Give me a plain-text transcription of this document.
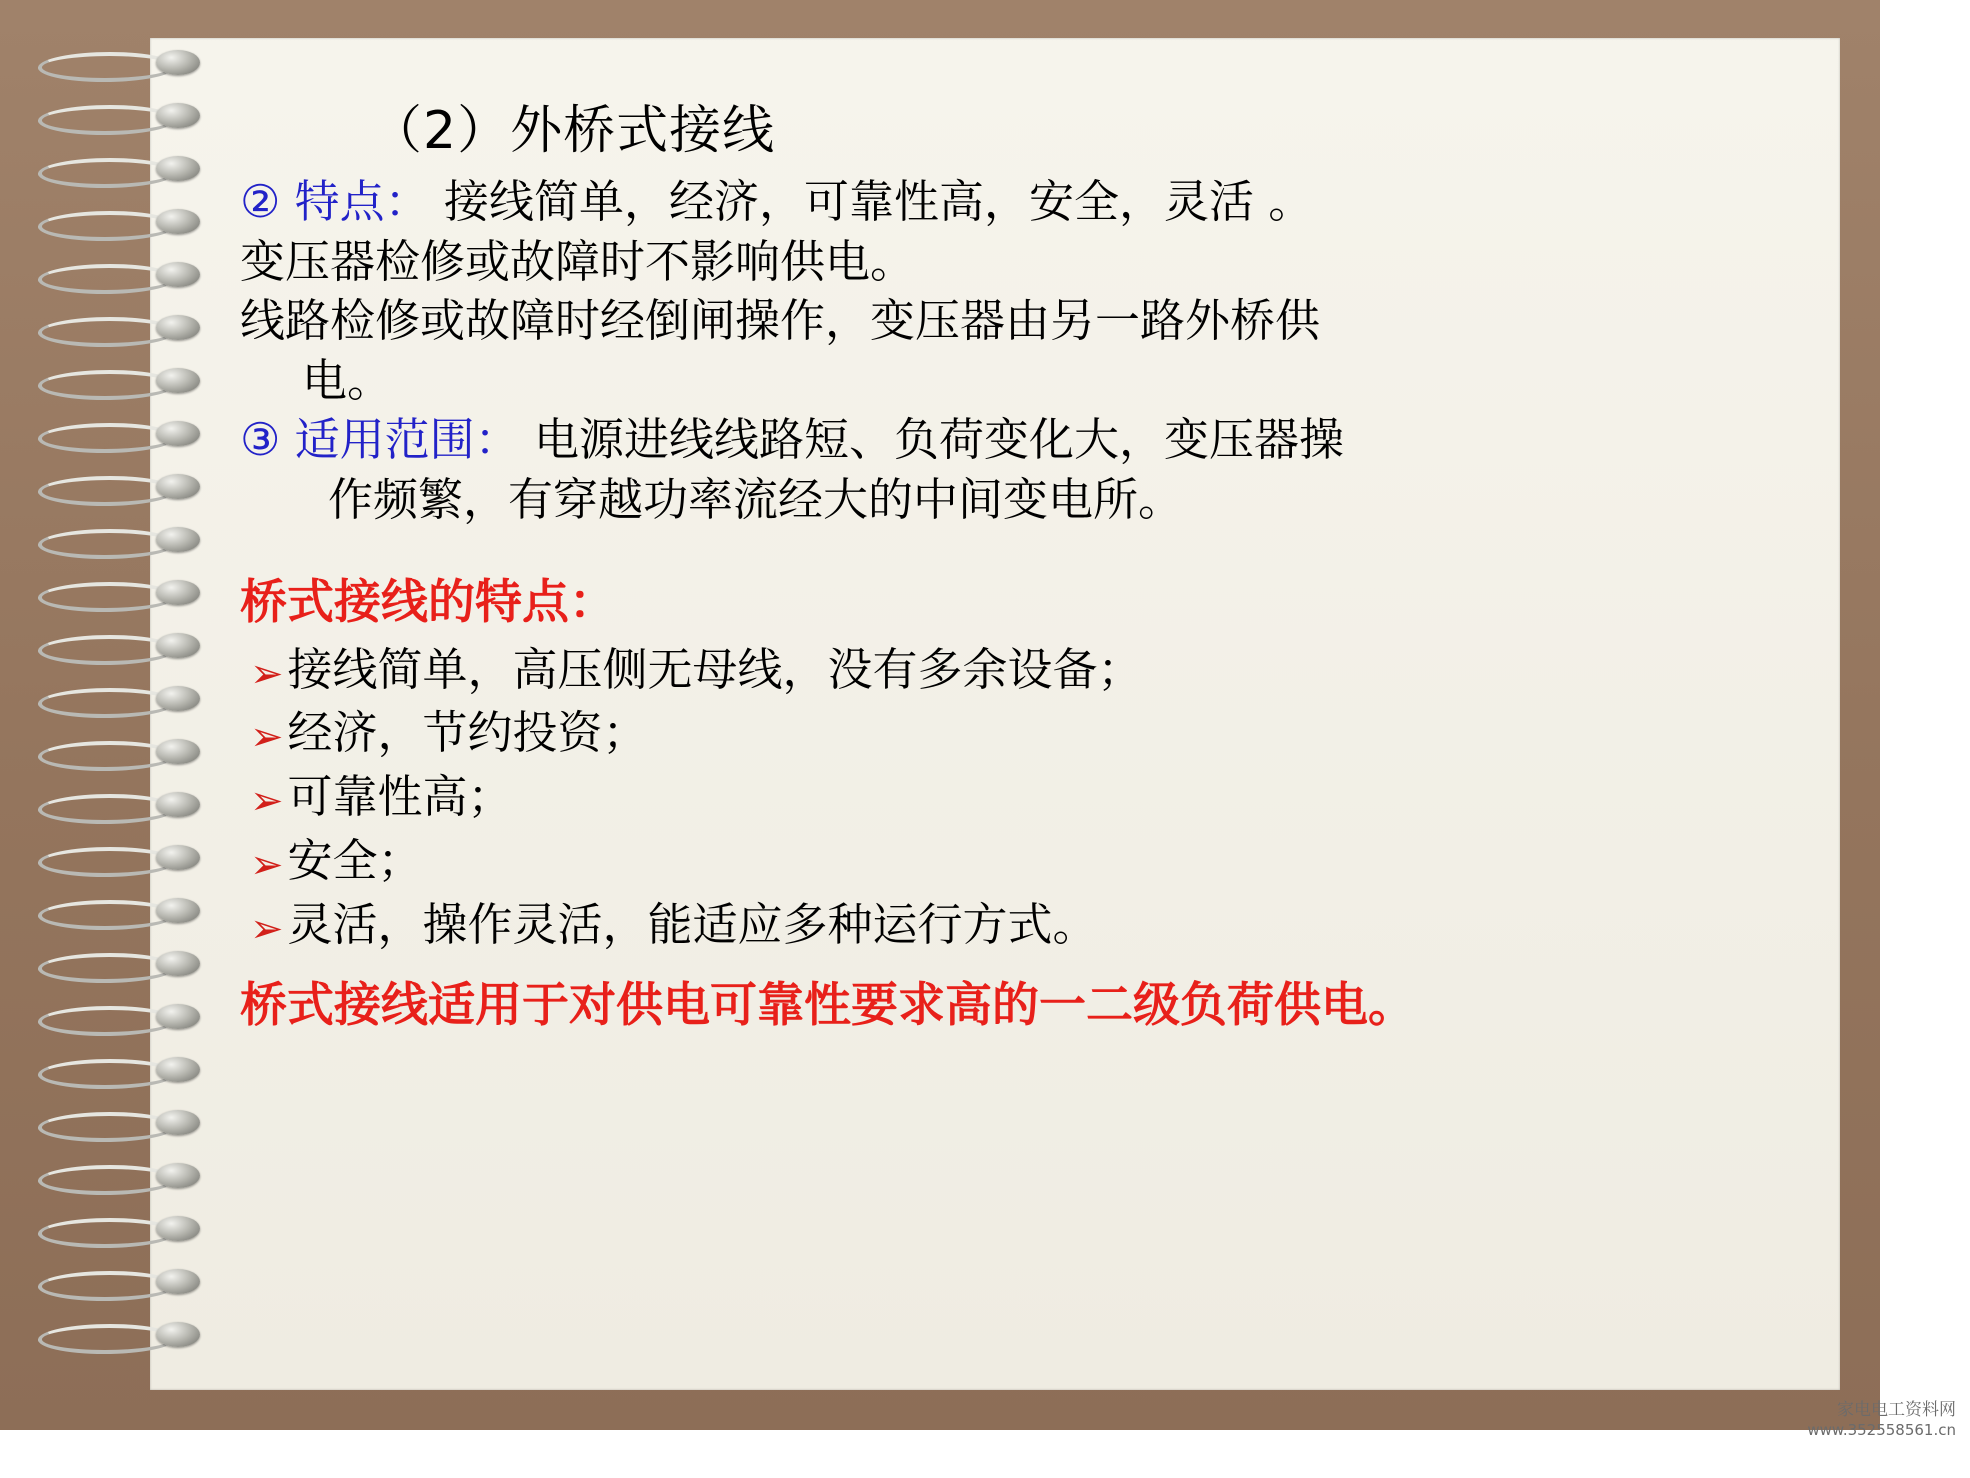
（2）外桥式接线
② 特点： 接线简单，经济，可靠性高，安全，灵活 。
变压器检修或故障时不影响供电。
线路检修或故障时经倒闸操作，变压器由另一路外桥供
电。
③ 适用范围： 电源进线线路短、负荷变化大，变压器操
作频繁，有穿越功率流经大的中间变电所。
桥式接线的特点：
➢ 接线简单，高压侧无母线，没有多余设备；
➢ 经济，节约投资；
➢ 可靠性高；
➢ 安全；
➢ 灵活，操作灵活，能适应多种运行方式。
桥式接线适用于对供电可靠性要求高的一二级负荷供电。
家电电工资料网
www.352558561.cn
